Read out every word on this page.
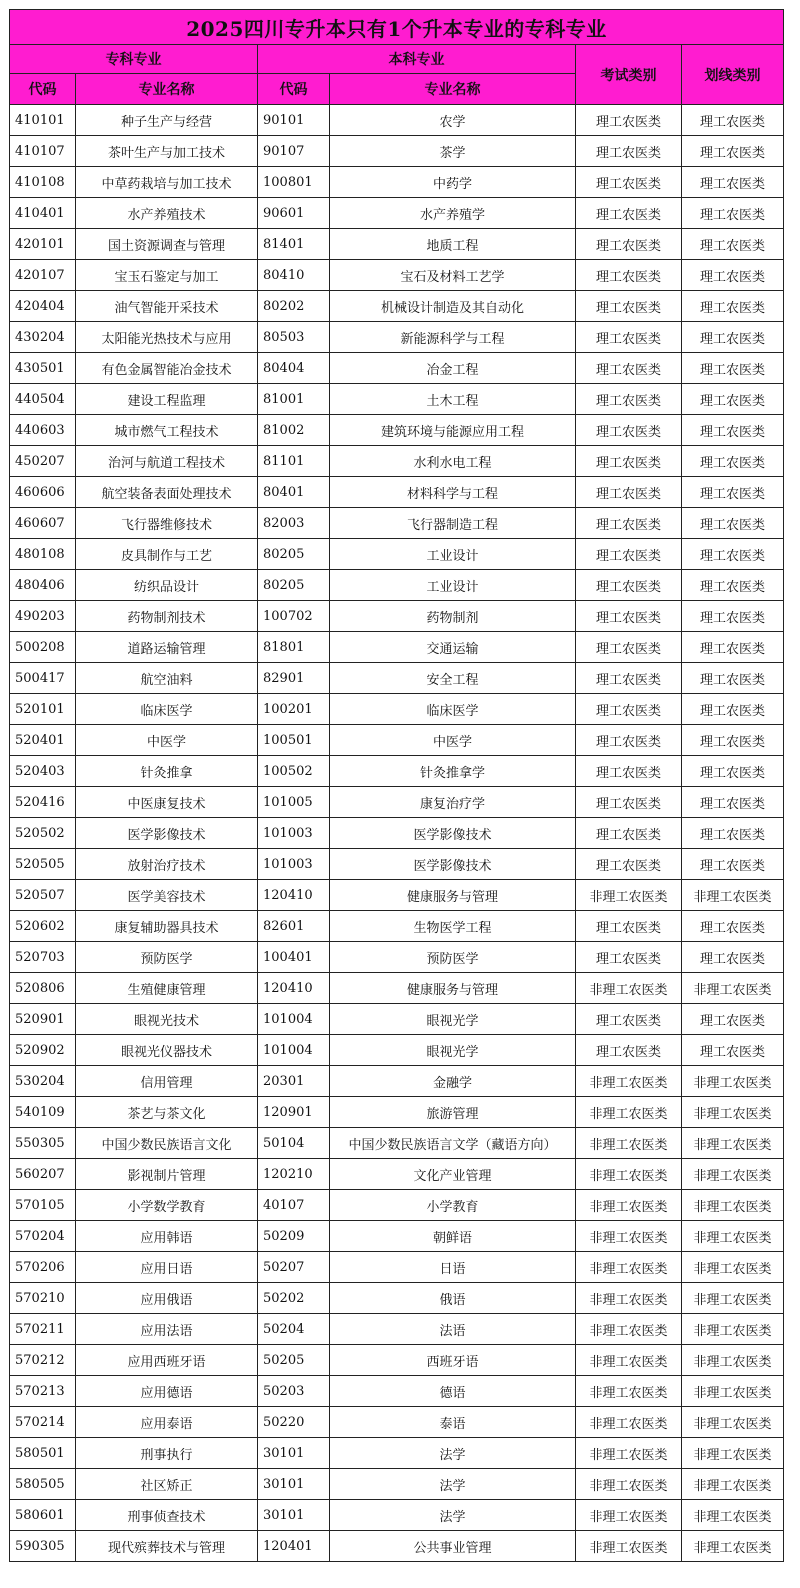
2025四川专升本只有1个升本专业的专科专业					
专科专业		本科专业		考试类别	划线类别
代码	专业名称	代码	专业名称		
410101	种子生产与经营	90101	农学	理工农医类	理工农医类
410107	茶叶生产与加工技术	90107	茶学	理工农医类	理工农医类
410108	中草药栽培与加工技术	100801	中药学	理工农医类	理工农医类
410401	水产养殖技术	90601	水产养殖学	理工农医类	理工农医类
420101	国土资源调查与管理	81401	地质工程	理工农医类	理工农医类
420107	宝玉石鉴定与加工	80410	宝石及材料工艺学	理工农医类	理工农医类
420404	油气智能开采技术	80202	机械设计制造及其自动化	理工农医类	理工农医类
430204	太阳能光热技术与应用	80503	新能源科学与工程	理工农医类	理工农医类
430501	有色金属智能冶金技术	80404	冶金工程	理工农医类	理工农医类
440504	建设工程监理	81001	土木工程	理工农医类	理工农医类
440603	城市燃气工程技术	81002	建筑环境与能源应用工程	理工农医类	理工农医类
450207	治河与航道工程技术	81101	水利水电工程	理工农医类	理工农医类
460606	航空装备表面处理技术	80401	材料科学与工程	理工农医类	理工农医类
460607	飞行器维修技术	82003	飞行器制造工程	理工农医类	理工农医类
480108	皮具制作与工艺	80205	工业设计	理工农医类	理工农医类
480406	纺织品设计	80205	工业设计	理工农医类	理工农医类
490203	药物制剂技术	100702	药物制剂	理工农医类	理工农医类
500208	道路运输管理	81801	交通运输	理工农医类	理工农医类
500417	航空油料	82901	安全工程	理工农医类	理工农医类
520101	临床医学	100201	临床医学	理工农医类	理工农医类
520401	中医学	100501	中医学	理工农医类	理工农医类
520403	针灸推拿	100502	针灸推拿学	理工农医类	理工农医类
520416	中医康复技术	101005	康复治疗学	理工农医类	理工农医类
520502	医学影像技术	101003	医学影像技术	理工农医类	理工农医类
520505	放射治疗技术	101003	医学影像技术	理工农医类	理工农医类
520507	医学美容技术	120410	健康服务与管理	非理工农医类	非理工农医类
520602	康复辅助器具技术	82601	生物医学工程	理工农医类	理工农医类
520703	预防医学	100401	预防医学	理工农医类	理工农医类
520806	生殖健康管理	120410	健康服务与管理	非理工农医类	非理工农医类
520901	眼视光技术	101004	眼视光学	理工农医类	理工农医类
520902	眼视光仪器技术	101004	眼视光学	理工农医类	理工农医类
530204	信用管理	20301	金融学	非理工农医类	非理工农医类
540109	茶艺与茶文化	120901	旅游管理	非理工农医类	非理工农医类
550305	中国少数民族语言文化	50104	中国少数民族语言文学（藏语方向）	非理工农医类	非理工农医类
560207	影视制片管理	120210	文化产业管理	非理工农医类	非理工农医类
570105	小学数学教育	40107	小学教育	非理工农医类	非理工农医类
570204	应用韩语	50209	朝鲜语	非理工农医类	非理工农医类
570206	应用日语	50207	日语	非理工农医类	非理工农医类
570210	应用俄语	50202	俄语	非理工农医类	非理工农医类
570211	应用法语	50204	法语	非理工农医类	非理工农医类
570212	应用西班牙语	50205	西班牙语	非理工农医类	非理工农医类
570213	应用德语	50203	德语	非理工农医类	非理工农医类
570214	应用泰语	50220	泰语	非理工农医类	非理工农医类
580501	刑事执行	30101	法学	非理工农医类	非理工农医类
580505	社区矫正	30101	法学	非理工农医类	非理工农医类
580601	刑事侦查技术	30101	法学	非理工农医类	非理工农医类
590305	现代殡葬技术与管理	120401	公共事业管理	非理工农医类	非理工农医类
